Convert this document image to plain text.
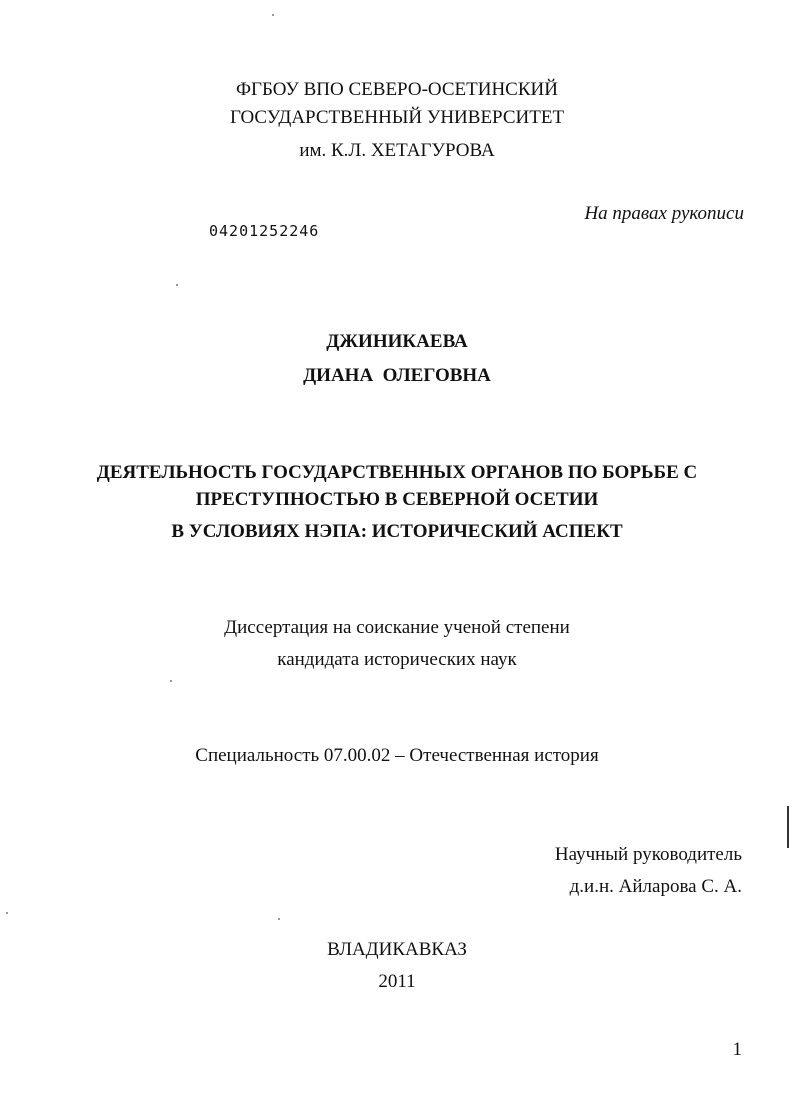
ФГБОУ ВПО СЕВЕРО-ОСЕТИНСКИЙ
ГОСУДАРСТВЕННЫЙ УНИВЕРСИТЕТ
им. К.Л. ХЕТАГУРОВА
04201252246
На правах рукописи
ДЖИНИКАЕВА
ДИАНА  ОЛЕГОВНА
ДЕЯТЕЛЬНОСТЬ ГОСУДАРСТВЕННЫХ ОРГАНОВ ПО БОРЬБЕ С
ПРЕСТУПНОСТЬЮ В СЕВЕРНОЙ ОСЕТИИ
В УСЛОВИЯХ НЭПА: ИСТОРИЧЕСКИЙ АСПЕКТ
Диссертация на соискание ученой степени
кандидата исторических наук
Специальность 07.00.02 – Отечественная история
Научный руководитель
д.и.н. Айларова С. А.
ВЛАДИКАВКАЗ
2011
1
